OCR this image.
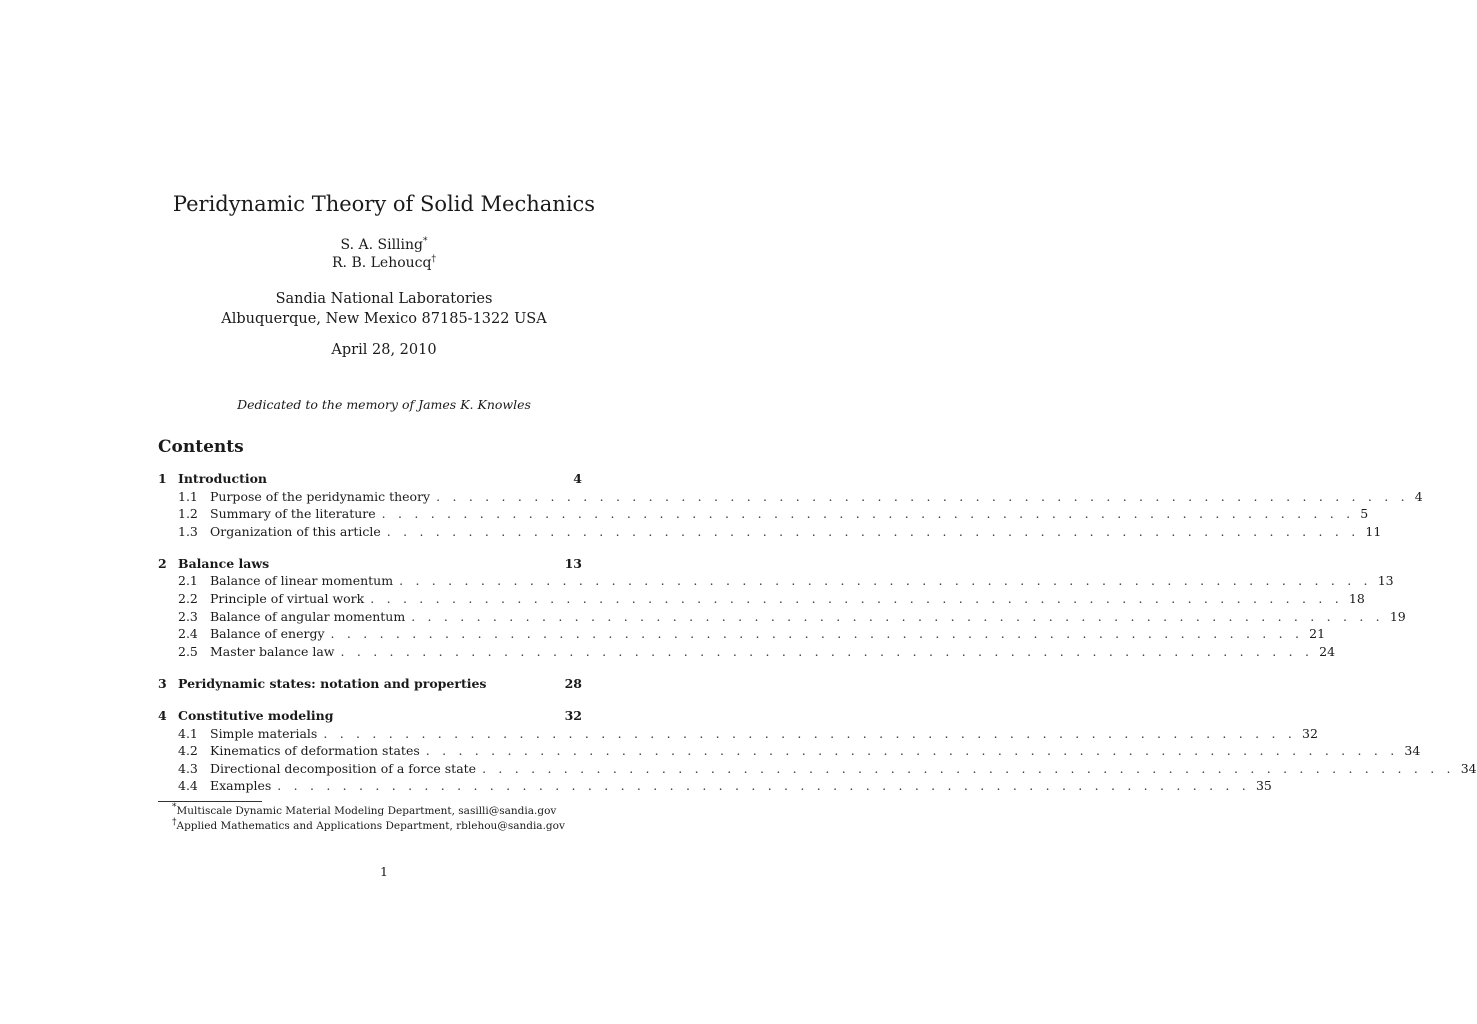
Peridynamic Theory of Solid Mechanics
S. A. Silling*
R. B. Lehoucq†
Sandia National Laboratories
Albuquerque, New Mexico 87185-1322 USA
April 28, 2010
Dedicated to the memory of James K. Knowles
Contents
1 Introduction	4
1.1 Purpose of the peridynamic theory . . . . . . . . . . . . . . . . . . . . . . . . . . . . . . . . . . . . . . . . . . . . . . . . . . . . . . . . . . . . 4
1.2 Summary of the literature . . . . . . . . . . . . . . . . . . . . . . . . . . . . . . . . . . . . . . . . . . . . . . . . . . . . . . . . . . . . 5
1.3 Organization of this article . . . . . . . . . . . . . . . . . . . . . . . . . . . . . . . . . . . . . . . . . . . . . . . . . . . . . . . . . . . . 11
2 Balance laws	13
2.1 Balance of linear momentum . . . . . . . . . . . . . . . . . . . . . . . . . . . . . . . . . . . . . . . . . . . . . . . . . . . . . . . . . . . . 13
2.2 Principle of virtual work . . . . . . . . . . . . . . . . . . . . . . . . . . . . . . . . . . . . . . . . . . . . . . . . . . . . . . . . . . . . 18
2.3 Balance of angular momentum . . . . . . . . . . . . . . . . . . . . . . . . . . . . . . . . . . . . . . . . . . . . . . . . . . . . . . . . . . . . 19
2.4 Balance of energy . . . . . . . . . . . . . . . . . . . . . . . . . . . . . . . . . . . . . . . . . . . . . . . . . . . . . . . . . . . . 21
2.5 Master balance law . . . . . . . . . . . . . . . . . . . . . . . . . . . . . . . . . . . . . . . . . . . . . . . . . . . . . . . . . . . . 24
3 Peridynamic states: notation and properties	28
4 Constitutive modeling	32
4.1 Simple materials . . . . . . . . . . . . . . . . . . . . . . . . . . . . . . . . . . . . . . . . . . . . . . . . . . . . . . . . . . . . 32
4.2 Kinematics of deformation states . . . . . . . . . . . . . . . . . . . . . . . . . . . . . . . . . . . . . . . . . . . . . . . . . . . . . . . . . . . . 34
4.3 Directional decomposition of a force state . . . . . . . . . . . . . . . . . . . . . . . . . . . . . . . . . . . . . . . . . . . . . . . . . . . . . . . . . . . . 34
4.4 Examples . . . . . . . . . . . . . . . . . . . . . . . . . . . . . . . . . . . . . . . . . . . . . . . . . . . . . . . . . . . . 35
*Multiscale Dynamic Material Modeling Department, sasilli@sandia.gov
†Applied Mathematics and Applications Department, rblehou@sandia.gov
1
